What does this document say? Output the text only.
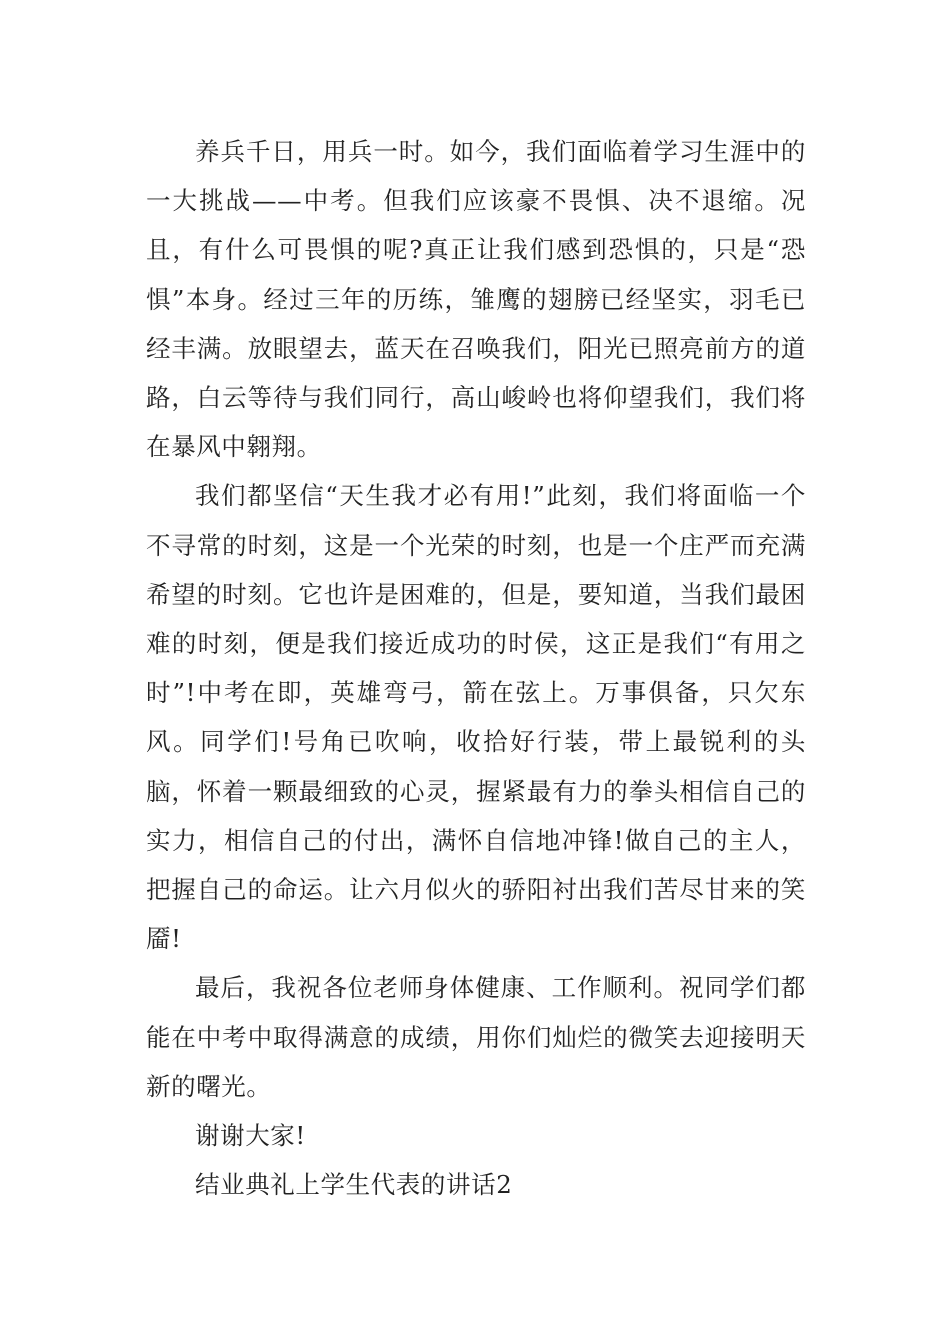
养兵千日，用兵一时。如今，我们面临着学习生涯中的一大挑战——中考。但我们应该豪不畏惧、决不退缩。况且，有什么可畏惧的呢?真正让我们感到恐惧的，只是“恐惧”本身。经过三年的历练，雏鹰的翅膀已经坚实，羽毛已经丰满。放眼望去，蓝天在召唤我们，阳光已照亮前方的道路，白云等待与我们同行，高山峻岭也将仰望我们，我们将在暴风中翱翔。

我们都坚信“天生我才必有用!”此刻，我们将面临一个不寻常的时刻，这是一个光荣的时刻，也是一个庄严而充满希望的时刻。它也许是困难的，但是，要知道，当我们最困难的时刻，便是我们接近成功的时侯，这正是我们“有用之时”!中考在即，英雄弯弓，箭在弦上。万事俱备，只欠东风。同学们!号角已吹响，收拾好行装，带上最锐利的头脑，怀着一颗最细致的心灵，握紧最有力的拳头相信自己的实力，相信自己的付出，满怀自信地冲锋!做自己的主人，把握自己的命运。让六月似火的骄阳衬出我们苦尽甘来的笑靥!

最后，我祝各位老师身体健康、工作顺利。祝同学们都能在中考中取得满意的成绩，用你们灿烂的微笑去迎接明天新的曙光。

谢谢大家!

结业典礼上学生代表的讲话2
